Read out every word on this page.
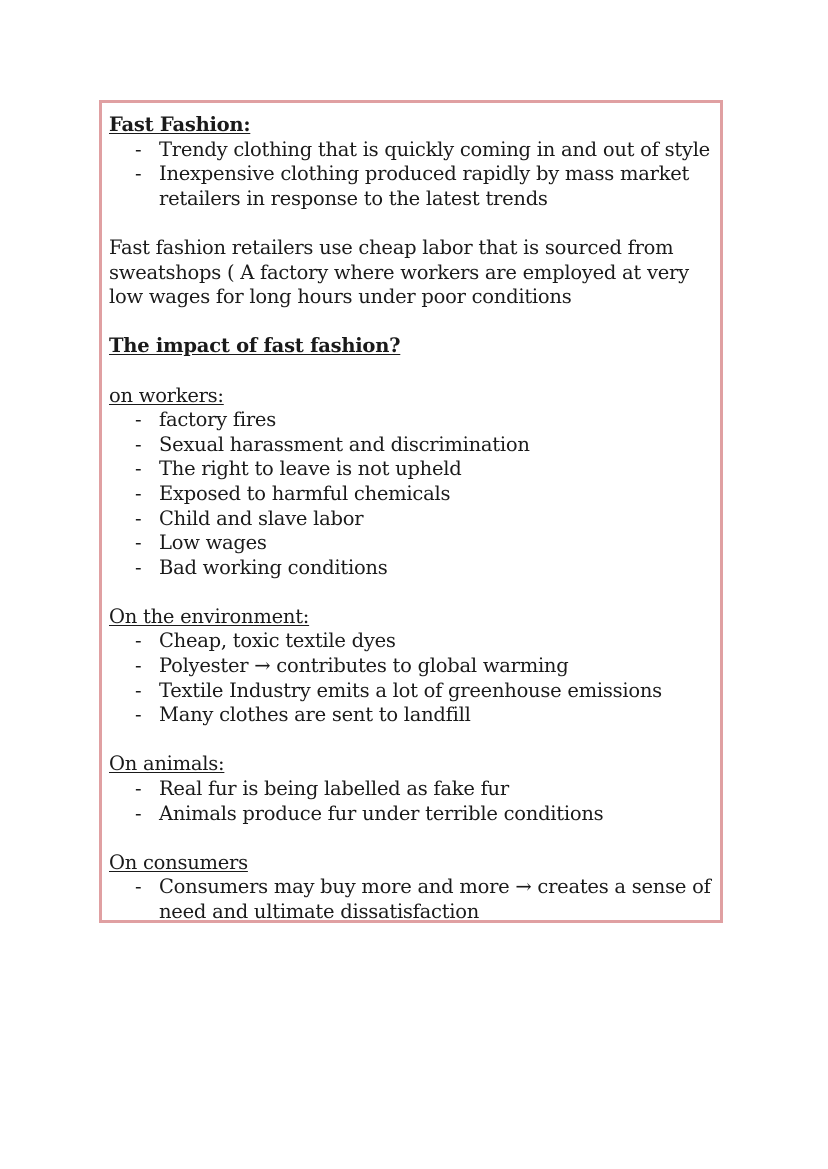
Fast Fashion:

- Trendy clothing that is quickly coming in and out of style
- Inexpensive clothing produced rapidly by mass market retailers in response to the latest trends

Fast fashion retailers use cheap labor that is sourced from sweatshops ( A factory where workers are employed at very low wages for long hours under poor conditions

The impact of fast fashion?

on workers:

- factory fires
- Sexual harassment and discrimination
- The right to leave is not upheld
- Exposed to harmful chemicals
- Child and slave labor
- Low wages
- Bad working conditions

On the environment:

- Cheap, toxic textile dyes
- Polyester → contributes to global warming
- Textile Industry emits a lot of greenhouse emissions
- Many clothes are sent to landfill

On animals:

- Real fur is being labelled as fake fur
- Animals produce fur under terrible conditions

On consumers

- Consumers may buy more and more → creates a sense of need and ultimate dissatisfaction
